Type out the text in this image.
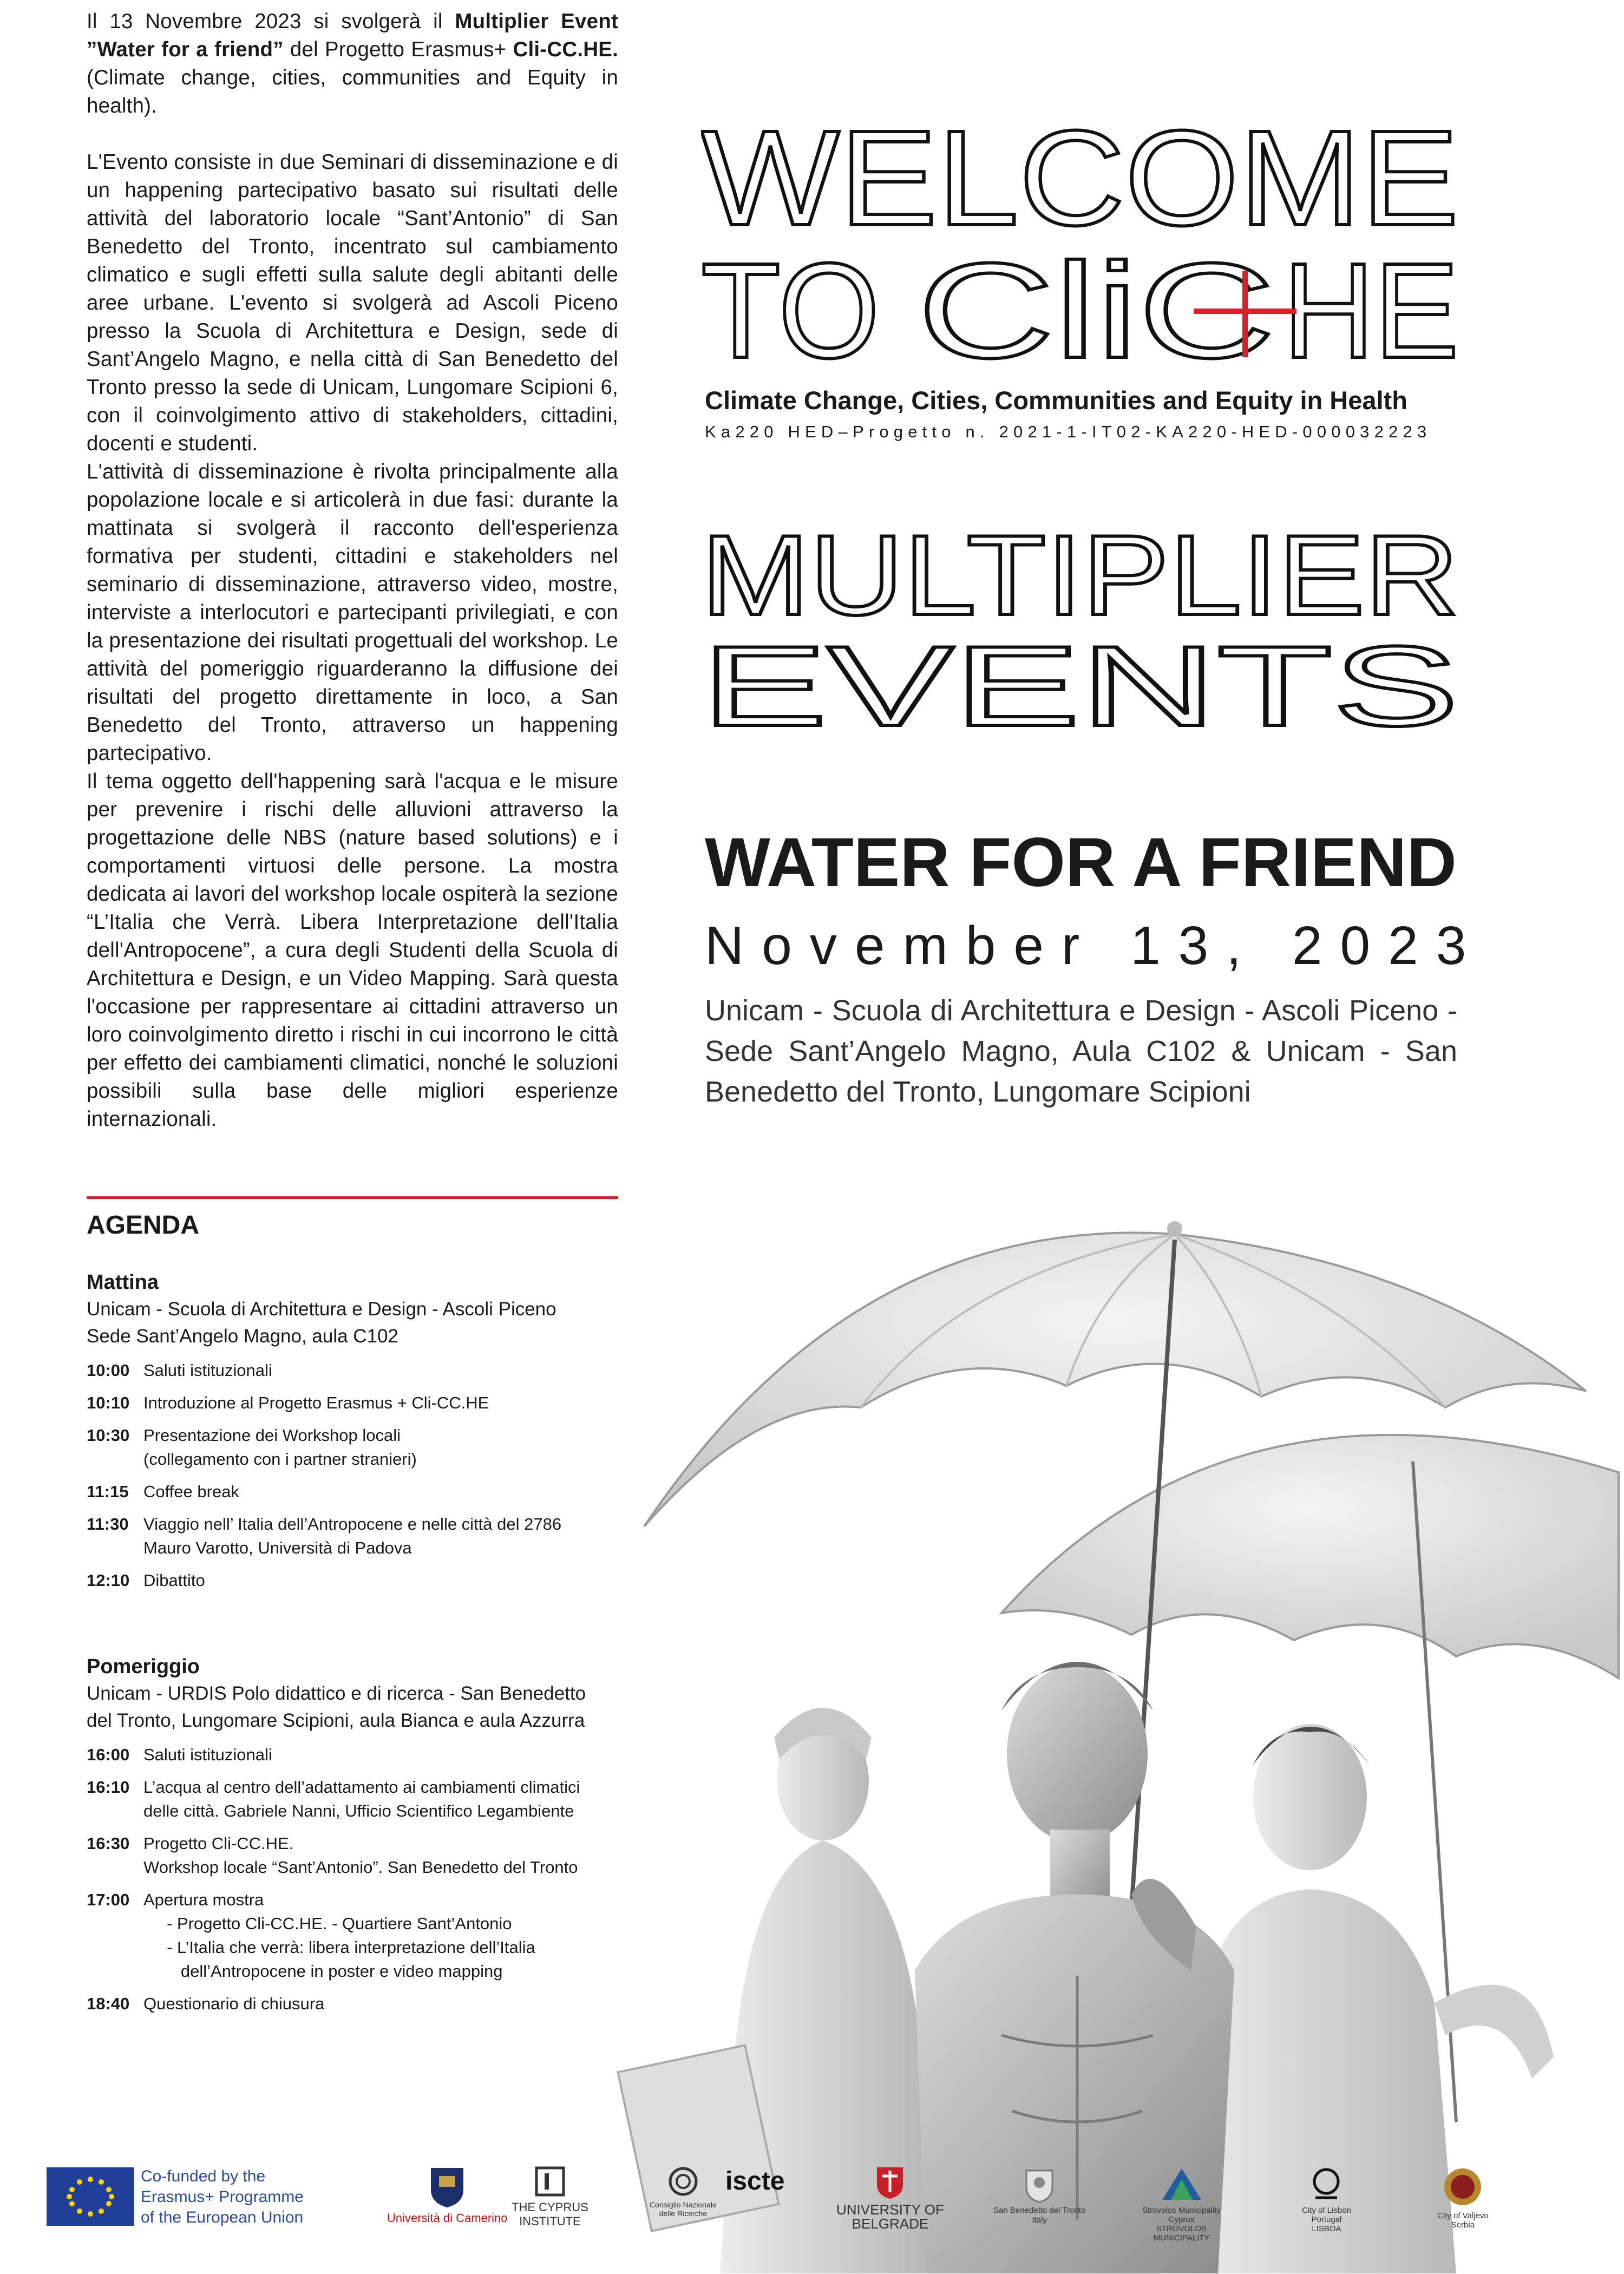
Il 13 Novembre 2023 si svolgerà il Multiplier Event ”Water for a friend” del Progetto Erasmus+ Cli-CC.HE. (Climate change, cities, communities and Equity in health).

L'Evento consiste in due Seminari di disseminazione e di un happening partecipativo basato sui risultati delle attività del laboratorio locale “Sant’Antonio” di San Benedetto del Tronto, incentrato sul cambiamento climatico e sugli effetti sulla salute degli abitanti delle aree urbane. L'evento si svolgerà ad Ascoli Piceno presso la Scuola di Architettura e Design, sede di Sant’Angelo Magno, e nella città di San Benedetto del Tronto presso la sede di Unicam, Lungomare Scipioni 6, con il coinvolgimento attivo di stakeholders, cittadini, docenti e studenti.

L'attività di disseminazione è rivolta principalmente alla popolazione locale e si articolerà in due fasi: durante la mattinata si svolgerà il racconto dell'esperienza formativa per studenti, cittadini e stakeholders nel seminario di disseminazione, attraverso video, mostre, interviste a interlocutori e partecipanti privilegiati, e con la presentazione dei risultati progettuali del workshop. Le attività del pomeriggio riguarderanno la diffusione dei risultati del progetto direttamente in loco, a San Benedetto del Tronto, attraverso un happening partecipativo.

Il tema oggetto dell'happening sarà l'acqua e le misure per prevenire i rischi delle alluvioni attraverso la progettazione delle NBS (nature based solutions) e i comportamenti virtuosi delle persone. La mostra dedicata ai lavori del workshop locale ospiterà la sezione “L’Italia che Verrà. Libera Interpretazione dell'Italia dell'Antropocene”, a cura degli Studenti della Scuola di Architettura e Design, e un Video Mapping. Sarà questa l'occasione per rappresentare ai cittadini attraverso un loro coinvolgimento diretto i rischi in cui incorrono le città per effetto dei cambiamenti climatici, nonché le soluzioni possibili sulla base delle migliori esperienze internazionali.

AGENDA
Mattina
Unicam - Scuola di Architettura e Design - Ascoli Piceno
Sede Sant’Angelo Magno, aula C102
10:00 Saluti istituzionali
10:10 Introduzione al Progetto Erasmus + Cli-CC.HE
10:30 Presentazione dei Workshop locali
(collegamento con i partner stranieri)
11:15 Coffee break
11:30 Viaggio nell’ Italia dell’Antropocene e nelle città del 2786
Mauro Varotto, Università di Padova
12:10 Dibattito
Pomeriggio
Unicam - URDIS Polo didattico e di ricerca - San Benedetto
del Tronto, Lungomare Scipioni, aula Bianca e aula Azzurra
16:00 Saluti istituzionali
16:10 L’acqua al centro dell’adattamento ai cambiamenti climatici
delle città. Gabriele Nanni, Ufficio Scientifico Legambiente
16:30 Progetto Cli-CC.HE.
Workshop locale “Sant’Antonio”. San Benedetto del Tronto
17:00 Apertura mostra
- Progetto Cli-CC.HE. - Quartiere Sant’Antonio
- L’Italia che verrà: libera interpretazione dell’Italia
dell’Antropocene in poster e video mapping
18:40 Questionario di chiusura
WELCOME
TO CliC HE
MULTIPLIER
EVENTS
Climate Change, Cities, Communities and Equity in Health
Ka220 HED–Progetto n. 2021-1-IT02-KA220-HED-000032223
WATER FOR A FRIEND
November 13, 2023
Unicam - Scuola di Architettura e Design - Ascoli Piceno - Sede Sant’Angelo Magno, Aula C102 & Unicam - San Benedetto del Tronto, Lungomare Scipioni
Co-funded by the
Erasmus+ Programme
of the European Union	Università di Camerino
THE CYPRUS
INSTITUTE
Consiglio Nazionale
delle Ricerche
iscte
UNIVERSITY OF
BELGRADE
San Benedetto del Tronto
Italy
Strovolos Municipality
Cyprus
STROVOLOS
MUNICIPALITY
City of Lisbon
Portugal
LISBOA
City of Valjevo
Serbia
